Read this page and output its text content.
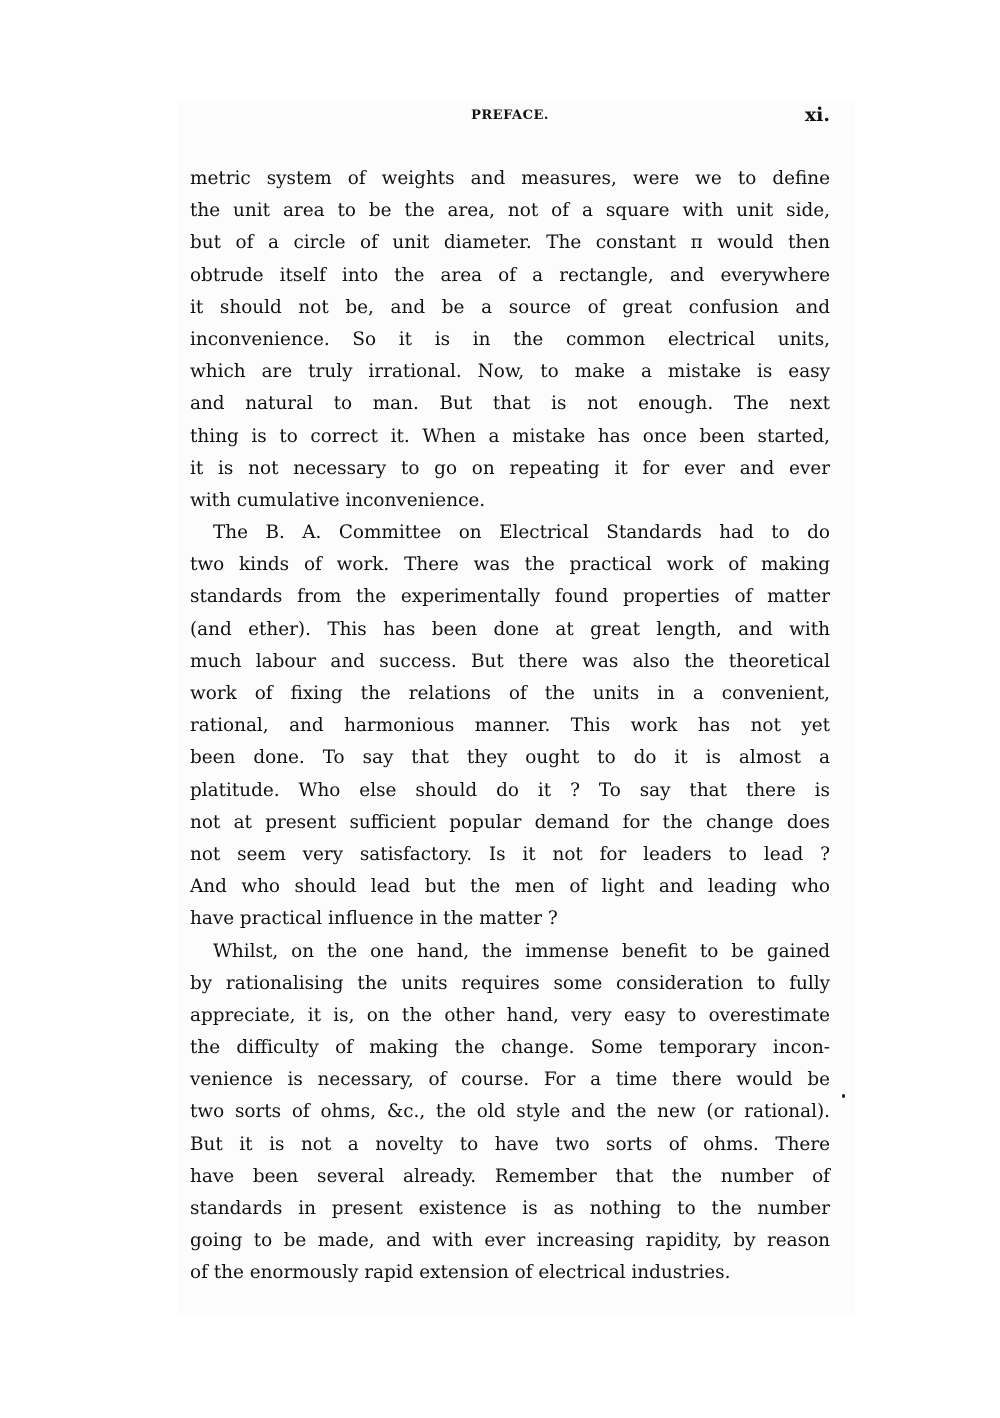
PREFACE.	xi.
metric system of weights and measures, were we to define
the unit area to be the area, not of a square with unit side,
but of a circle of unit diameter. The constant π would then
obtrude itself into the area of a rectangle, and everywhere
it should not be, and be a source of great confusion and
inconvenience. So it is in the common electrical units,
which are truly irrational. Now, to make a mistake is easy
and natural to man. But that is not enough. The next
thing is to correct it. When a mistake has once been started,
it is not necessary to go on repeating it for ever and ever
with cumulative inconvenience.
The B. A. Committee on Electrical Standards had to do
two kinds of work. There was the practical work of making
standards from the experimentally found properties of matter
(and ether). This has been done at great length, and with
much labour and success. But there was also the theoretical
work of fixing the relations of the units in a convenient,
rational, and harmonious manner. This work has not yet
been done. To say that they ought to do it is almost a
platitude. Who else should do it ? To say that there is
not at present sufficient popular demand for the change does
not seem very satisfactory. Is it not for leaders to lead ?
And who should lead but the men of light and leading who
have practical influence in the matter ?
Whilst, on the one hand, the immense benefit to be gained
by rationalising the units requires some consideration to fully
appreciate, it is, on the other hand, very easy to overestimate
the difficulty of making the change. Some temporary incon-
venience is necessary, of course. For a time there would be
two sorts of ohms, &c., the old style and the new (or rational).
But it is not a novelty to have two sorts of ohms. There
have been several already. Remember that the number of
standards in present existence is as nothing to the number
going to be made, and with ever increasing rapidity, by reason
of the enormously rapid extension of electrical industries.
